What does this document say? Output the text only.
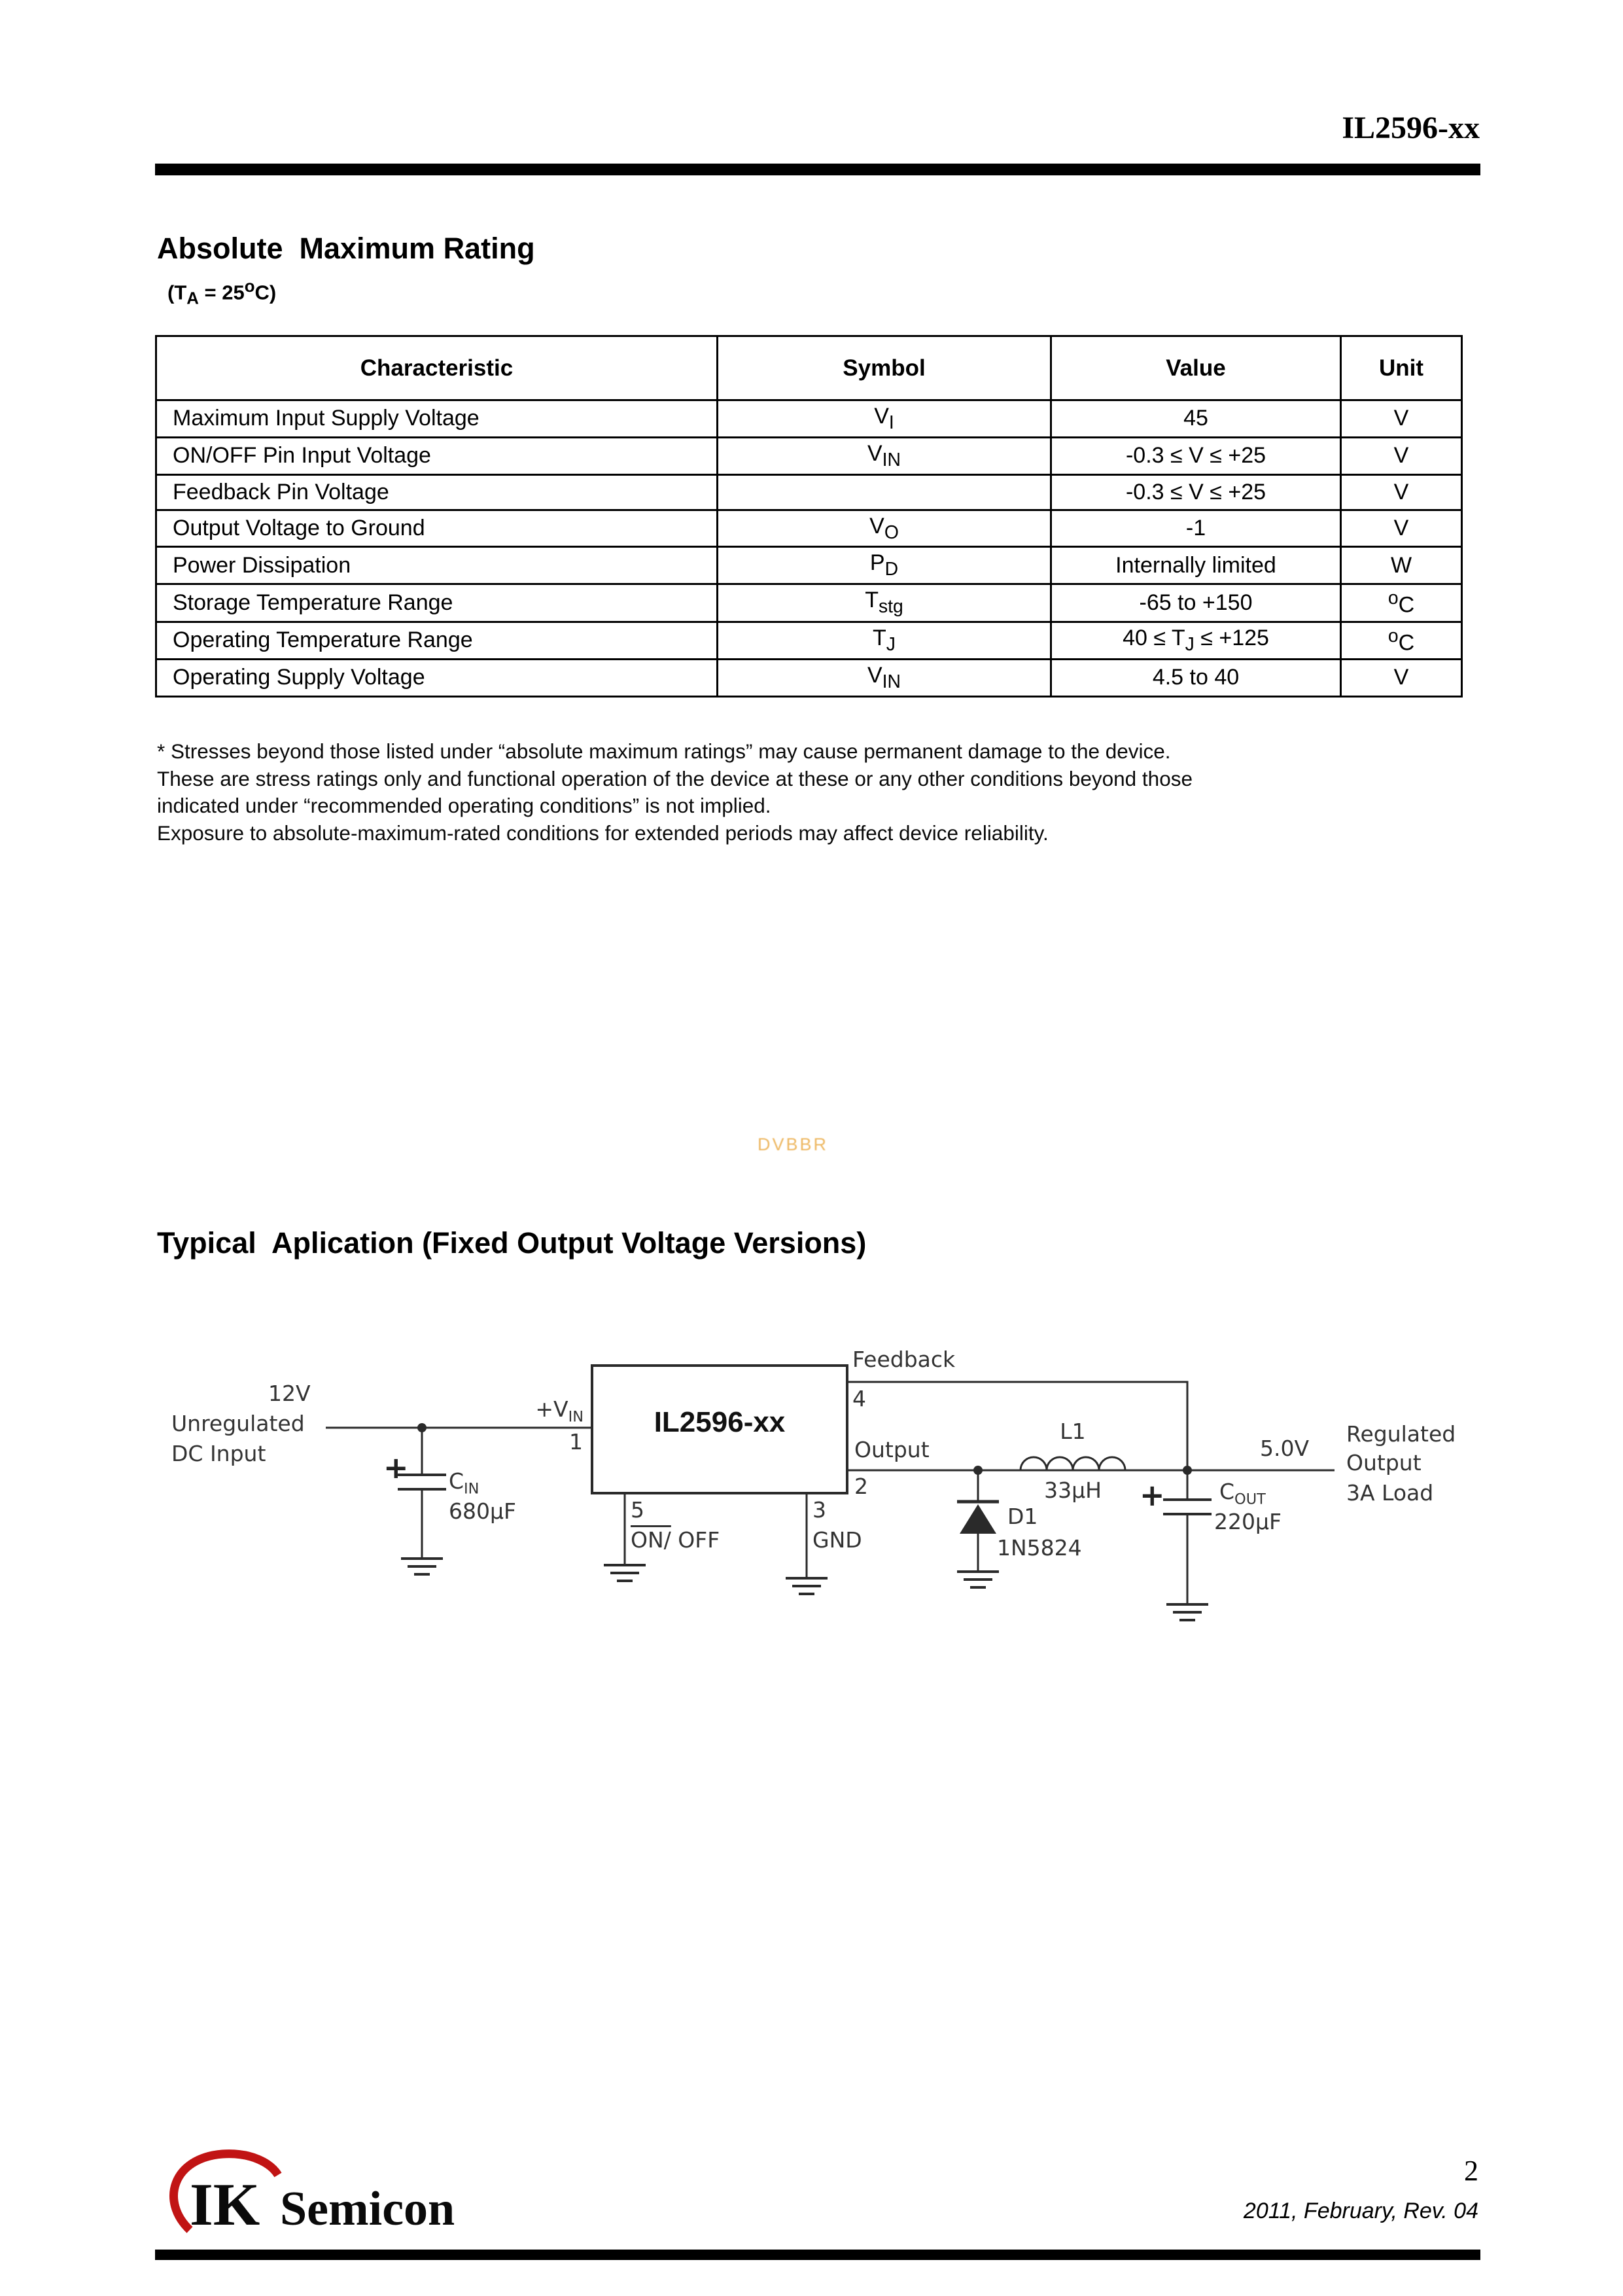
IL2596-xx
Absolute  Maximum Rating
$(T_A = 25^oC)$
Characteristic	Symbol	Value	Unit
Maximum Input Supply Voltage	$V_I$	45	V
ON/OFF Pin Input Voltage	$V_{IN}$	-0.3 ≤ V ≤ +25	V
Feedback Pin Voltage		-0.3 ≤ V ≤ +25	V
Output Voltage to Ground	$V_O$	-1	V
Power Dissipation	$P_D$	Internally limited	W
Storage Temperature Range	$T_{stg}$	-65 to +150	$^o$C
Operating Temperature Range	$T_J$	$40 \le T_J \le +125$	$^o$C
Operating Supply Voltage	$V_{IN}$	4.5 to 40	V
* Stresses beyond those listed under “absolute maximum ratings” may cause permanent damage to the device.
These are stress ratings only and functional operation of the device at these or any other conditions beyond those
indicated under “recommended operating conditions” is not implied.
Exposure to absolute-maximum-rated conditions for extended periods may affect device reliability.
DVBBR
Typical  Aplication (Fixed Output Voltage Versions)
12V
Unregulated
DC Input
$+V_{IN}$
1
IL2596-xx
Feedback
4
Output
2
5
ON/ OFF
3
GND
+ $C_{IN}$
680µF
L1
33µH
D1
1N5824
+	$C_{OUT}$
220µF
5.0V
Regulated
Output
3A Load
IK Semicon
2
2011, February, Rev. 04
